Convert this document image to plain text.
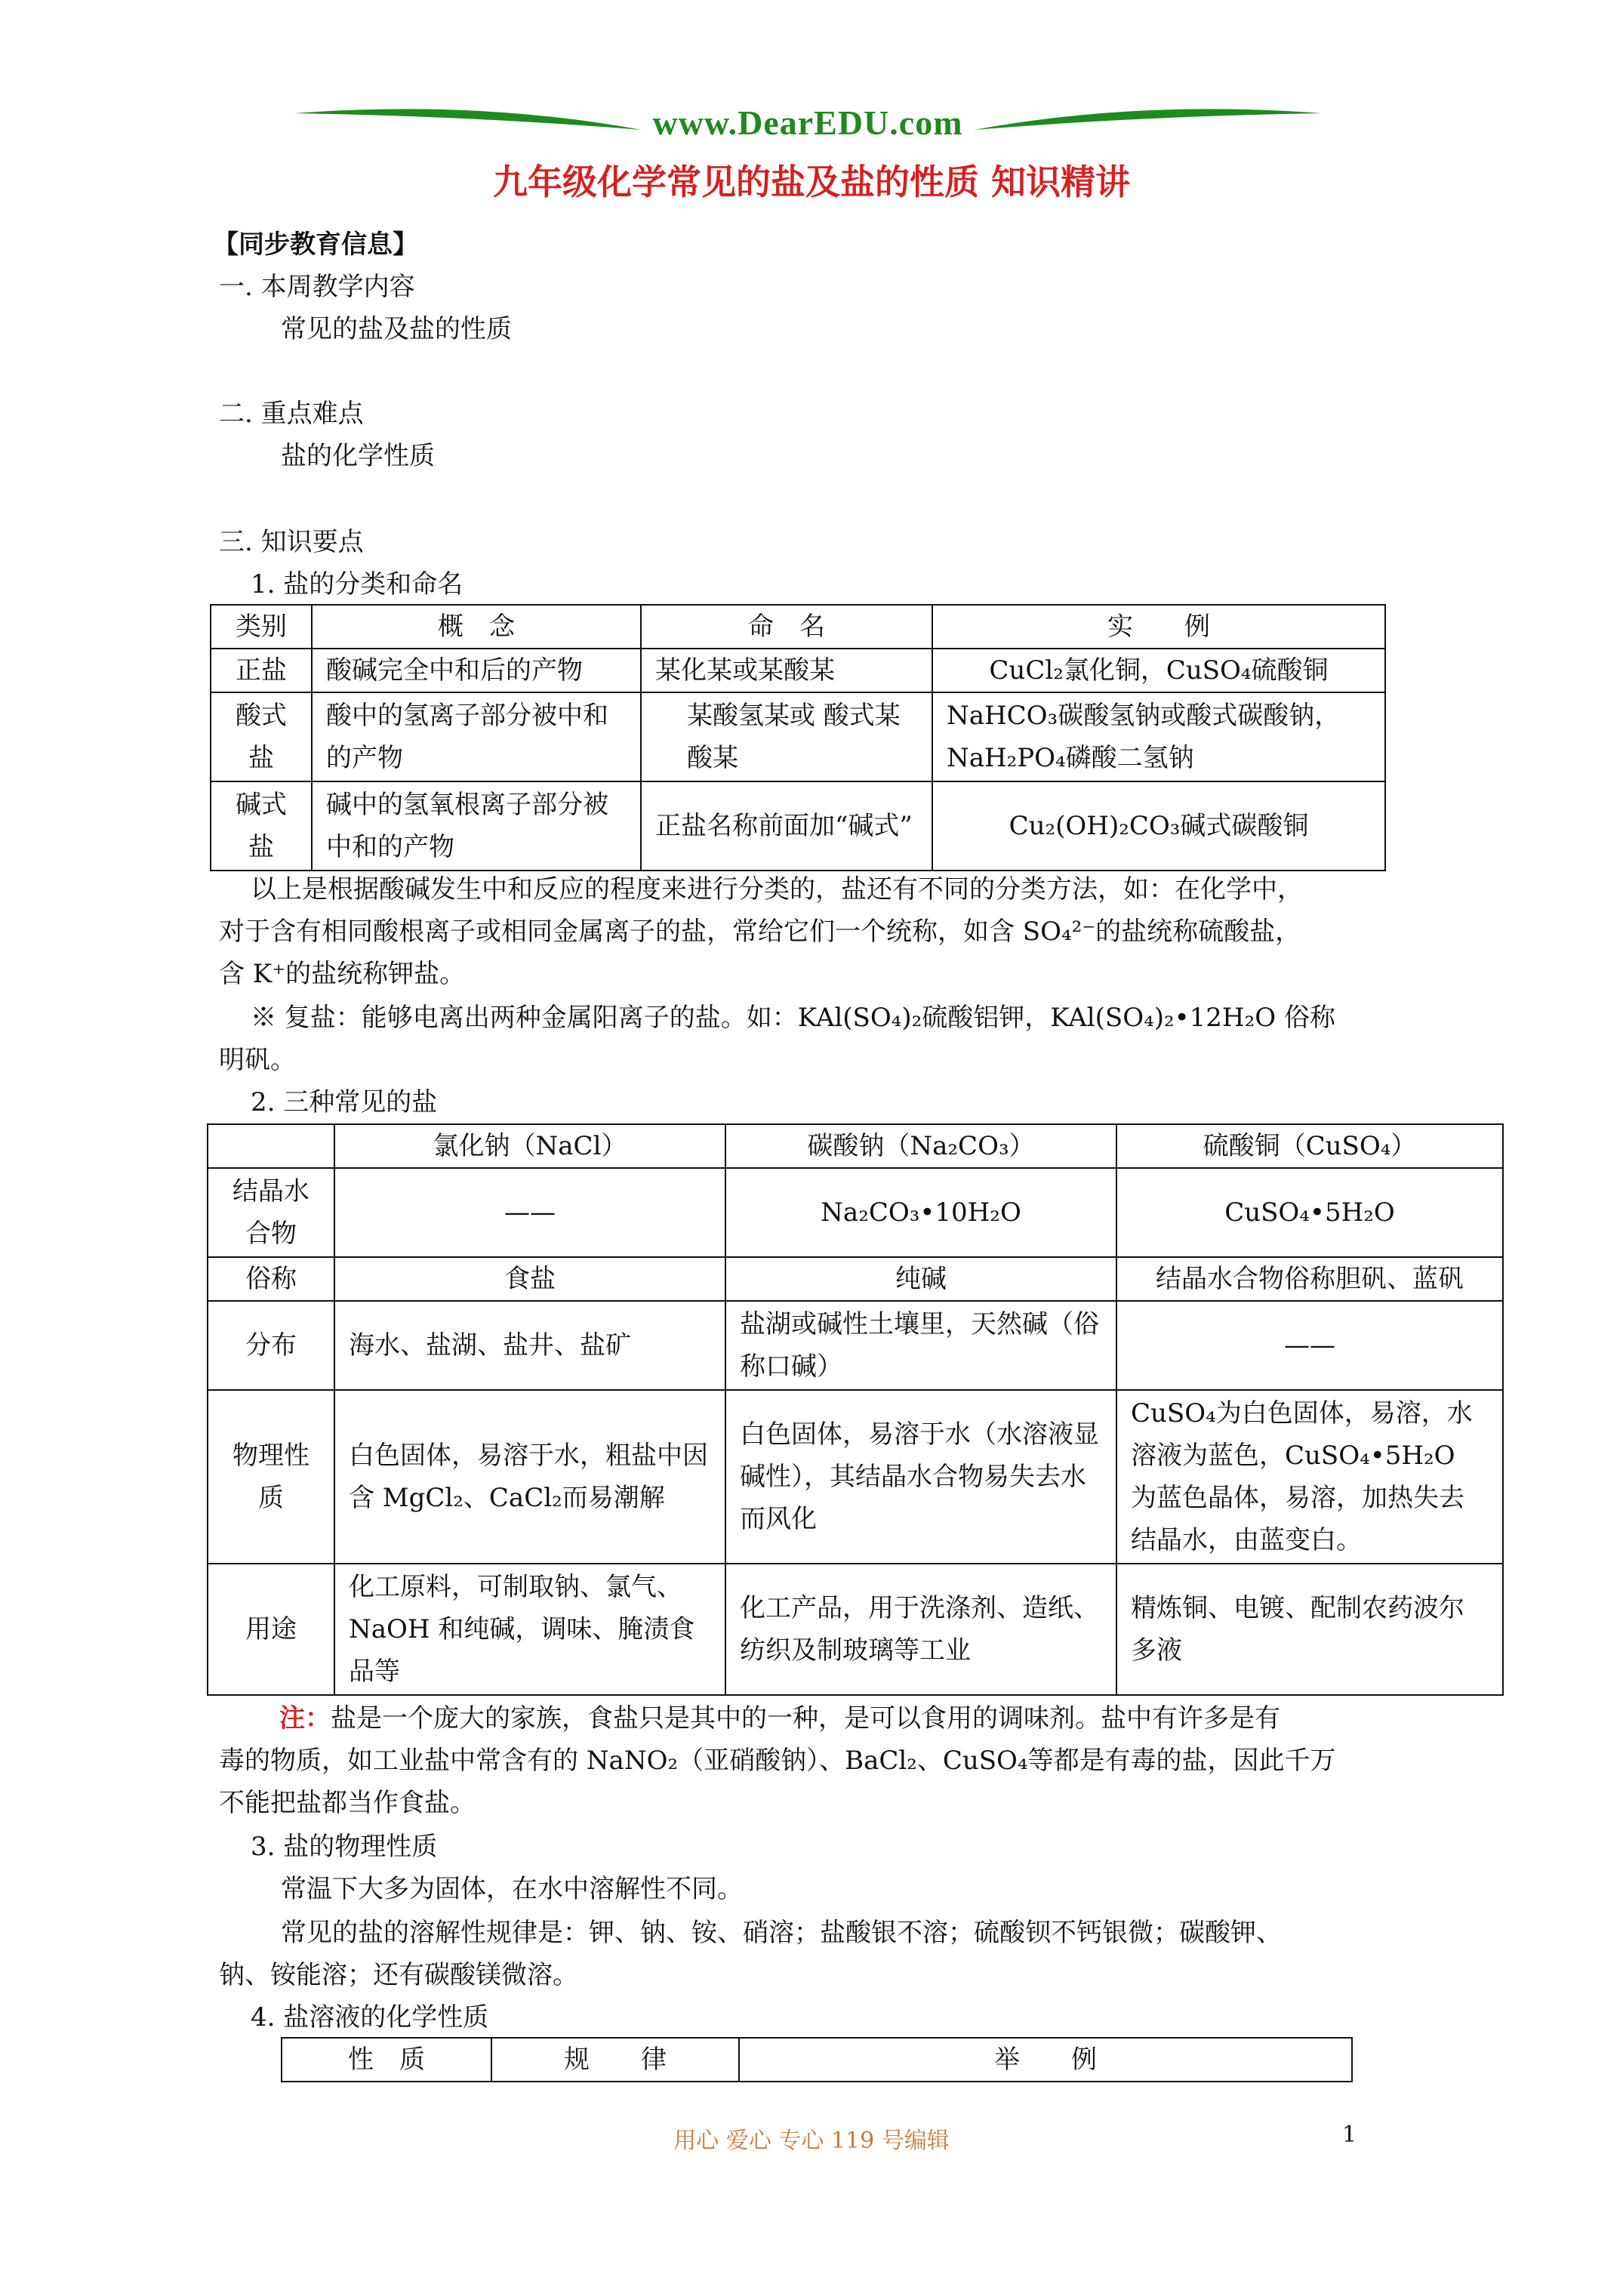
www.DearEDU.com
九年级化学常见的盐及盐的性质 知识精讲
【同步教育信息】
一. 本周教学内容
常见的盐及盐的性质
二. 重点难点
盐的化学性质
三. 知识要点
1. 盐的分类和命名
类别	概　念	命　名	实　　例
正盐	酸碱完全中和后的产物	某化某或某酸某	CuCl₂氯化铜，CuSO₄硫酸铜
酸式盐	酸中的氢离子部分被中和的产物	某酸氢某或 酸式某酸某	NaHCO₃碳酸氢钠或酸式碳酸钠，NaH₂PO₄磷酸二氢钠
碱式盐	碱中的氢氧根离子部分被中和的产物	正盐名称前面加“碱式”	Cu₂(OH)₂CO₃碱式碳酸铜
以上是根据酸碱发生中和反应的程度来进行分类的，盐还有不同的分类方法，如：在化学中，
对于含有相同酸根离子或相同金属离子的盐，常给它们一个统称，如含 SO₄²⁻的盐统称硫酸盐，
含 K⁺的盐统称钾盐。
※ 复盐：能够电离出两种金属阳离子的盐。如：KAl(SO₄)₂硫酸铝钾，KAl(SO₄)₂•12H₂O 俗称
明矾。
2. 三种常见的盐
	氯化钠（NaCl）	碳酸钠（Na₂CO₃）	硫酸铜（CuSO₄）
结晶水合物	——	Na₂CO₃•10H₂O	CuSO₄•5H₂O
俗称	食盐	纯碱	结晶水合物俗称胆矾、蓝矾
分布	海水、盐湖、盐井、盐矿	盐湖或碱性土壤里，天然碱（俗称口碱）	——
物理性质	白色固体，易溶于水，粗盐中因含 MgCl₂、CaCl₂而易潮解	白色固体，易溶于水（水溶液显碱性），其结晶水合物易失去水而风化	CuSO₄为白色固体，易溶，水溶液为蓝色，CuSO₄•5H₂O 为蓝色晶体，易溶，加热失去结晶水，由蓝变白。
用途	化工原料，可制取钠、氯气、NaOH 和纯碱，调味、腌渍食品等	化工产品，用于洗涤剂、造纸、纺织及制玻璃等工业	精炼铜、电镀、配制农药波尔多液
注：盐是一个庞大的家族，食盐只是其中的一种，是可以食用的调味剂。盐中有许多是有
毒的物质，如工业盐中常含有的 NaNO₂（亚硝酸钠）、BaCl₂、CuSO₄等都是有毒的盐，因此千万
不能把盐都当作食盐。
3. 盐的物理性质
常温下大多为固体，在水中溶解性不同。
常见的盐的溶解性规律是：钾、钠、铵、硝溶；盐酸银不溶；硫酸钡不钙银微；碳酸钾、
钠、铵能溶；还有碳酸镁微溶。
4. 盐溶液的化学性质
性　质	规　　律	举　　例
用心 爱心 专心 119 号编辑	1
